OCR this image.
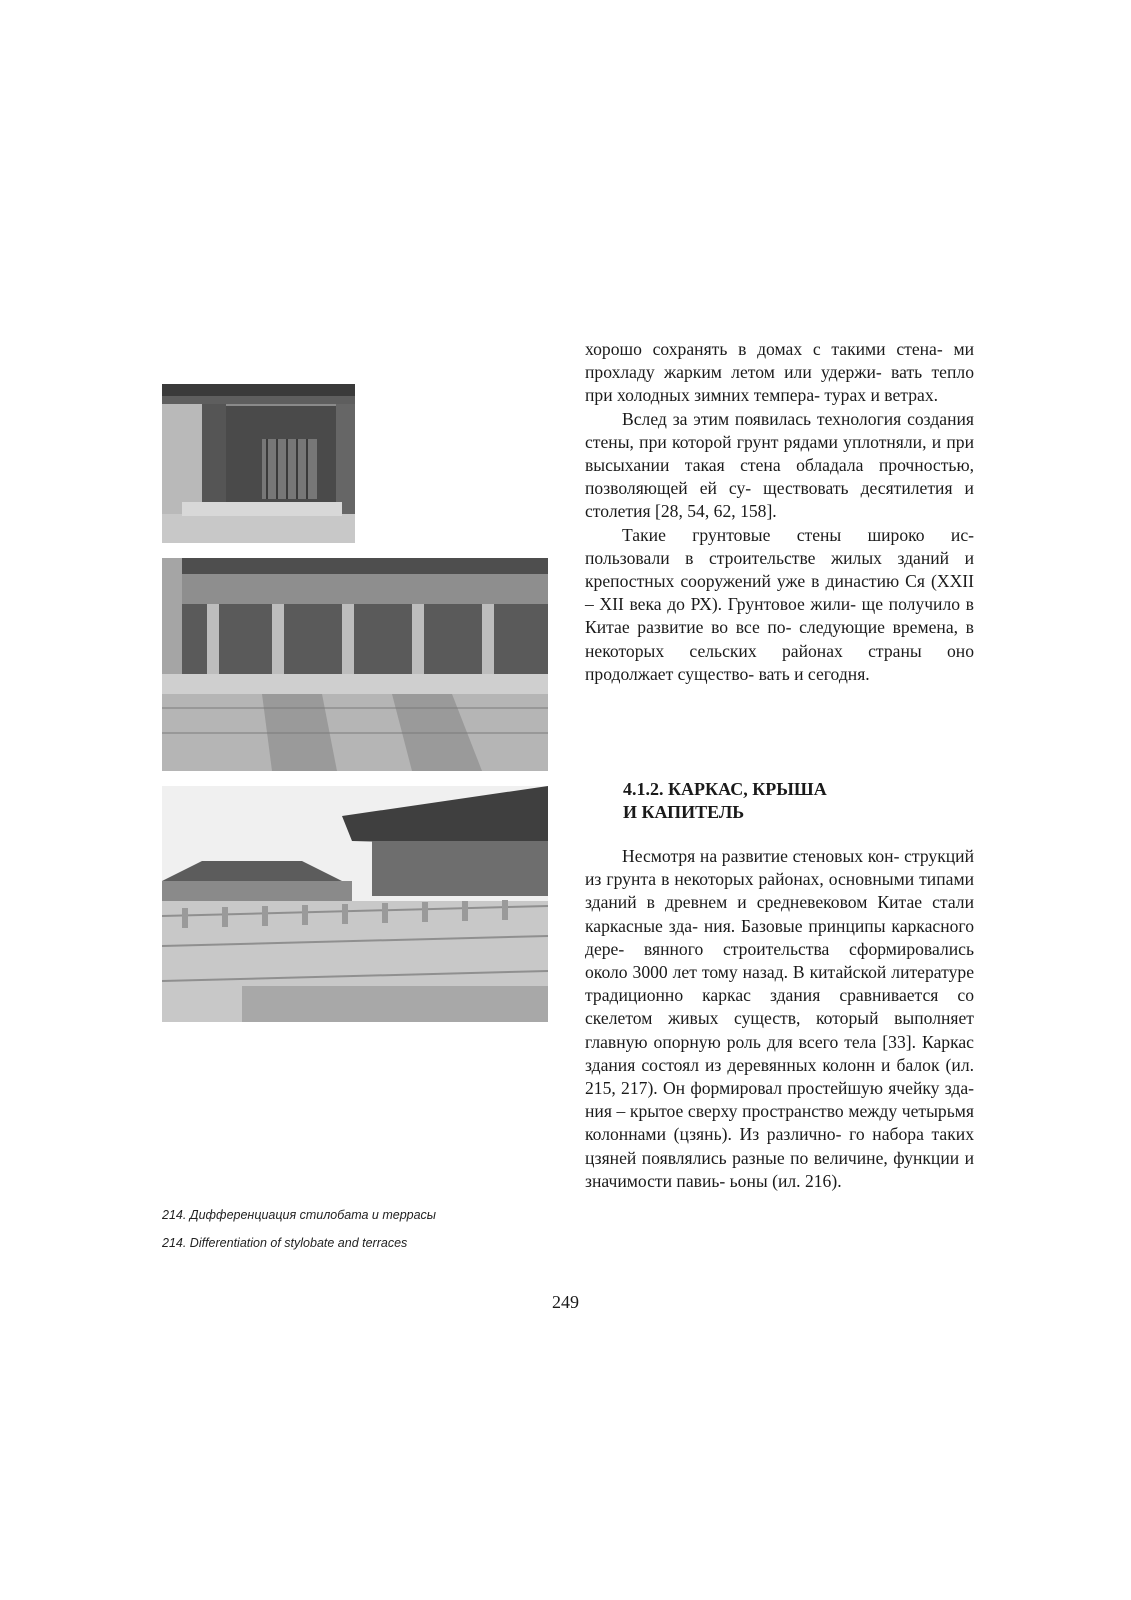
214. Дифференциация стилобата и террасы
214. Differentiation of stylobate and terraces

хорошо сохранять в домах с такими стена- ми прохладу жарким летом или удержи- вать тепло при холодных зимних темпера- турах и ветрах.

Вслед за этим появилась технология создания стены, при которой грунт рядами уплотняли, и при высыхании такая стена обладала прочностью, позволяющей ей су- ществовать десятилетия и столетия [28, 54, 62, 158].

Такие грунтовые стены широко ис- пользовали в строительстве жилых зданий и крепостных сооружений уже в династию Ся (XXII – XII века до РХ). Грунтовое жили- ще получило в Китае развитие во все по- следующие времена, в некоторых сельских районах страны оно продолжает существо- вать и сегодня.

4.1.2. КАРКАС, КРЫША
И КАПИТЕЛЬ

Несмотря на развитие стеновых кон- струкций из грунта в некоторых районах, основными типами зданий в древнем и средневековом Китае стали каркасные зда- ния. Базовые принципы каркасного дере- вянного строительства сформировались около 3000 лет тому назад. В китайской литературе традиционно каркас здания сравнивается со скелетом живых существ, который выполняет главную опорную роль для всего тела [33]. Каркас здания состоял из деревянных колонн и балок (ил. 215, 217). Он формировал простейшую ячейку зда- ния – крытое сверху пространство между четырьмя колоннами (цзянь). Из различно- го набора таких цзяней появлялись разные по величине, функции и значимости павиь- ьоны (ил. 216).

249
